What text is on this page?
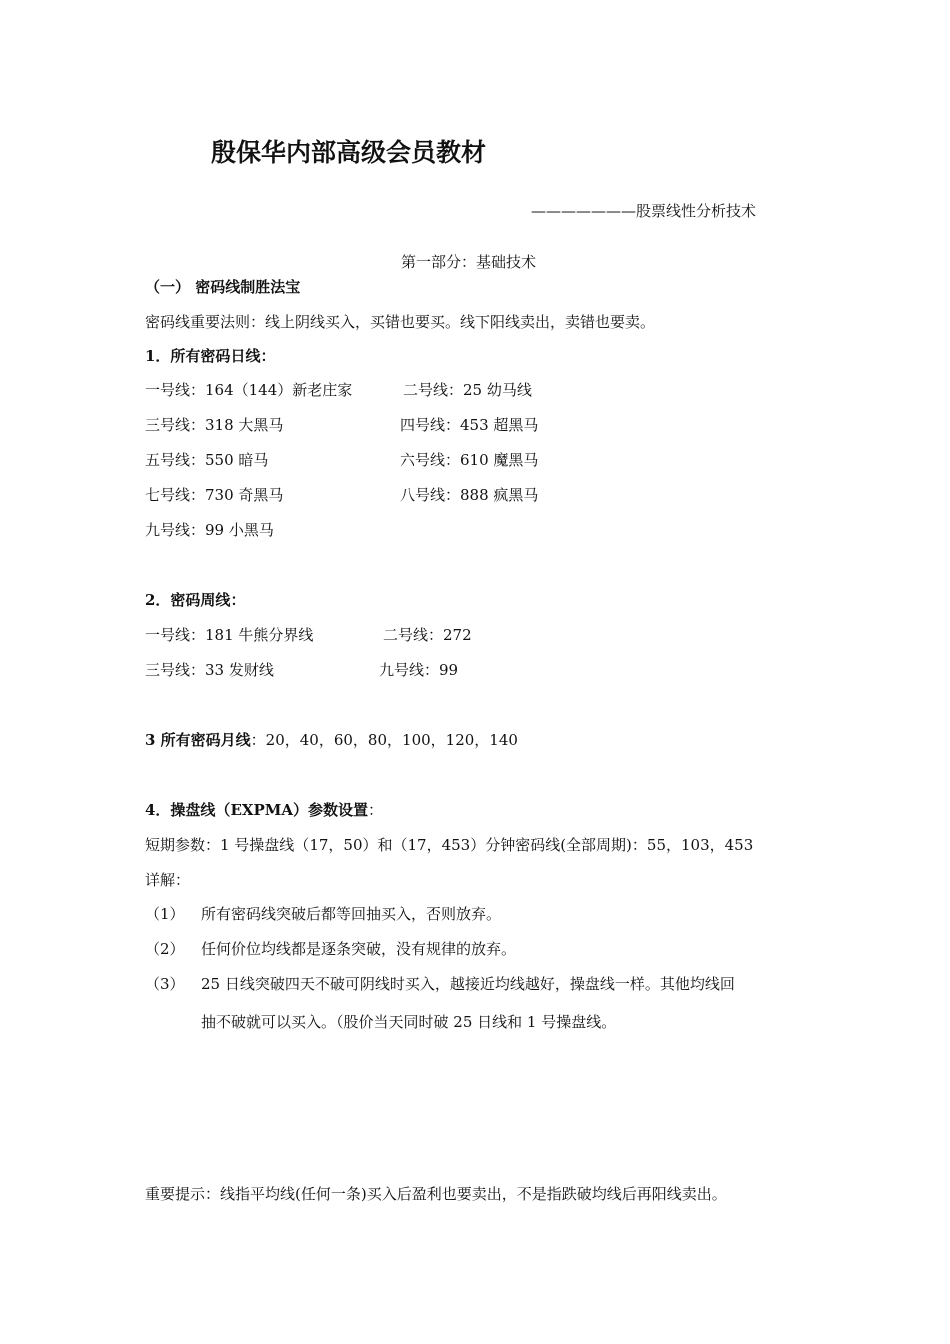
殷保华内部高级会员教材
———————股票线性分析技术
第一部分：基础技术
（一） 密码线制胜法宝
密码线重要法则：线上阴线买入，买错也要买。线下阳线卖出，卖错也要卖。
1．所有密码日线：
一号线：164（144）新老庄家	二号线：25 幼马线
三号线：318 大黑马	四号线：453 超黑马
五号线：550 暗马	六号线：610 魔黑马
七号线：730 奇黑马	八号线：888 疯黑马
九号线：99 小黑马
2．密码周线：
一号线：181 牛熊分界线	二号线：272
三号线：33 发财线	九号线：99
3 所有密码月线：20，40，60，80，100，120，140
4．操盘线（EXPMA）参数设置：
短期参数：1 号操盘线（17，50）和（17，453）分钟密码线(全部周期)：55，103，453
详解：
（1） 所有密码线突破后都等回抽买入，否则放弃。
（2） 任何价位均线都是逐条突破，没有规律的放弃。
（3） 25 日线突破四天不破可阴线时买入，越接近均线越好，操盘线一样。其他均线回
抽不破就可以买入。（股价当天同时破 25 日线和 1 号操盘线。
重要提示：线指平均线(任何一条)买入后盈利也要卖出，不是指跌破均线后再阳线卖出。
